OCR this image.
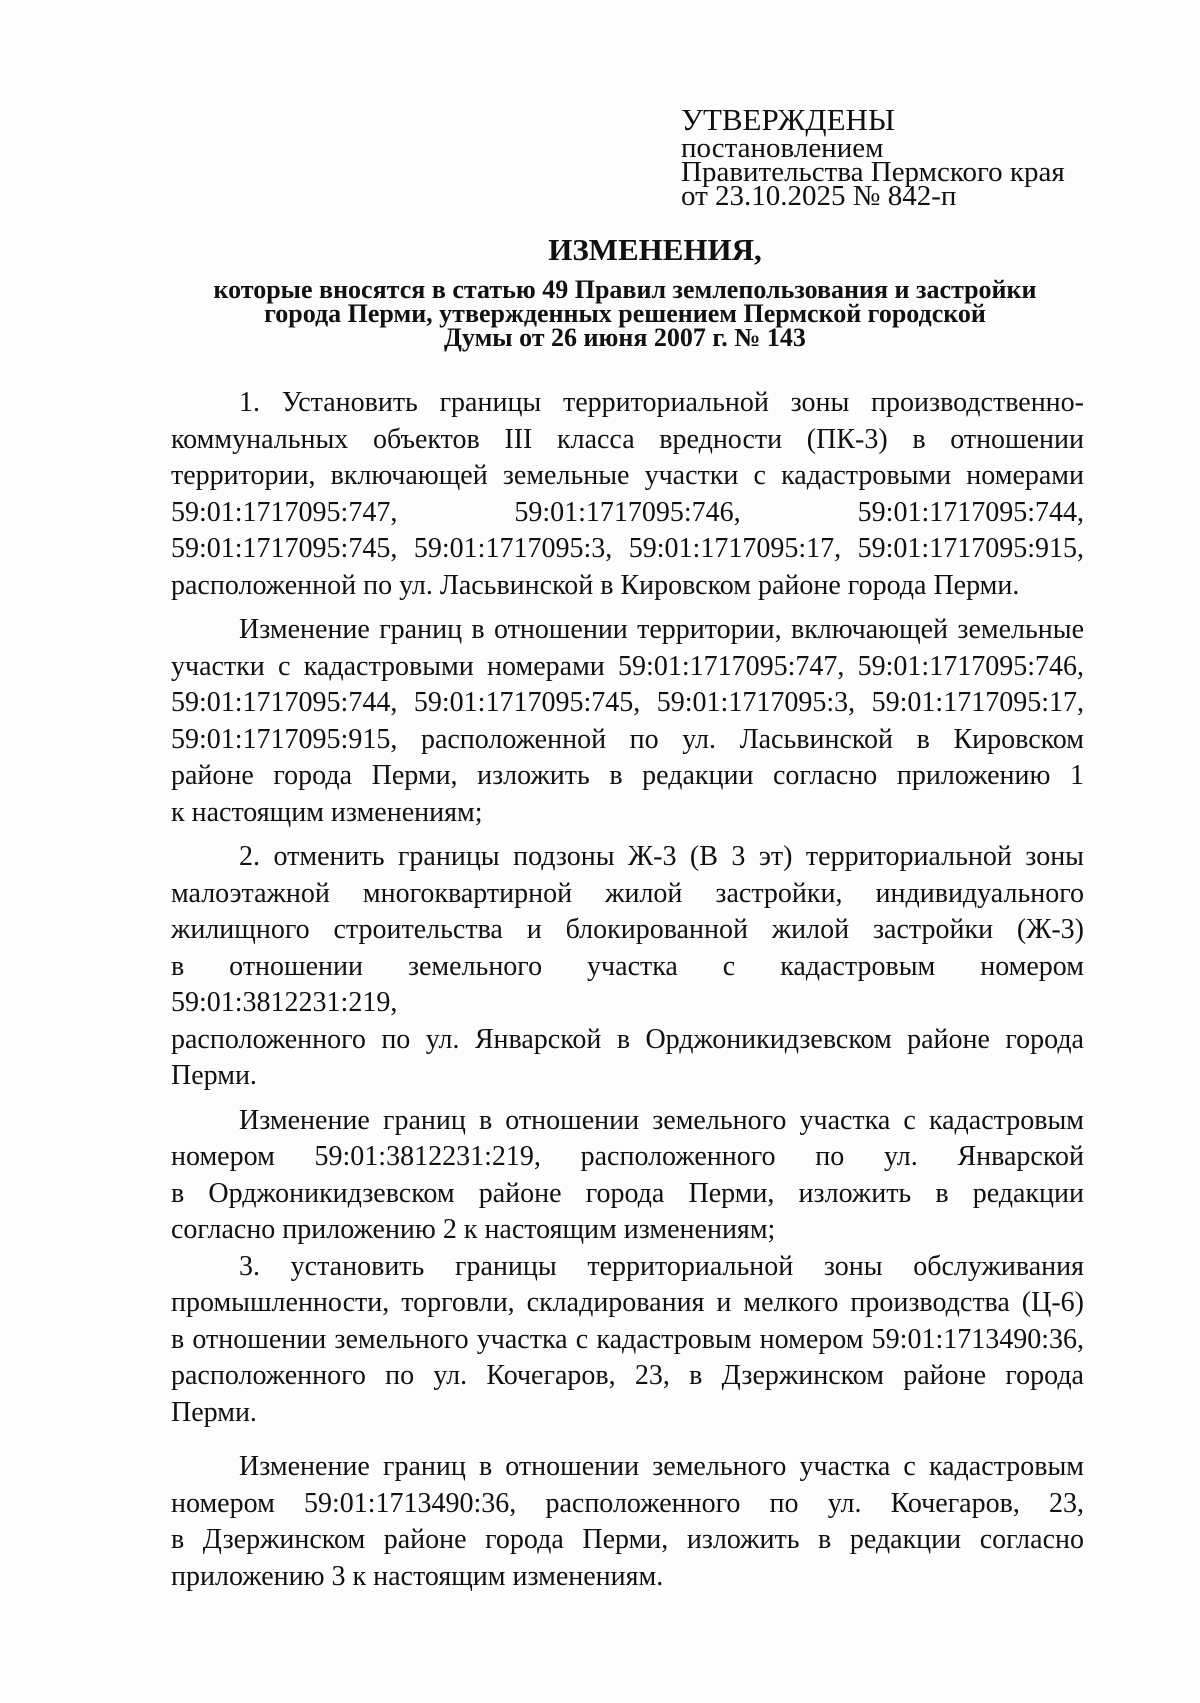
УТВЕРЖДЕНЫ
постановлением
Правительства Пермского края
от 23.10.2025 № 842-п
ИЗМЕНЕНИЯ,
которые вносятся в статью 49 Правил землепользования и застройки
города Перми, утвержденных решением Пермской городской
Думы от 26 июня 2007 г. № 143
1. Установить границы территориальной зоны производственно-
коммунальных объектов III класса вредности (ПК-3) в отношении
территории, включающей земельные участки с кадастровыми номерами
59:01:1717095:747, 59:01:1717095:746, 59:01:1717095:744,
59:01:1717095:745, 59:01:1717095:3, 59:01:1717095:17, 59:01:1717095:915,
расположенной по ул. Ласьвинской в Кировском районе города Перми.
Изменение границ в отношении территории, включающей земельные
участки с кадастровыми номерами 59:01:1717095:747, 59:01:1717095:746,
59:01:1717095:744, 59:01:1717095:745, 59:01:1717095:3, 59:01:1717095:17,
59:01:1717095:915, расположенной по ул. Ласьвинской в Кировском
районе города Перми, изложить в редакции согласно приложению 1
к настоящим изменениям;
2. отменить границы подзоны Ж-3 (В 3 эт) территориальной зоны
малоэтажной многоквартирной жилой застройки, индивидуального
жилищного строительства и блокированной жилой застройки (Ж-3)
в отношении земельного участка с кадастровым номером 59:01:3812231:219,
расположенного по ул. Январской в Орджоникидзевском районе города
Перми.
Изменение границ в отношении земельного участка с кадастровым
номером 59:01:3812231:219, расположенного по ул. Январской
в Орджоникидзевском районе города Перми, изложить в редакции
согласно приложению 2 к настоящим изменениям;
3. установить границы территориальной зоны обслуживания
промышленности, торговли, складирования и мелкого производства (Ц-6)
в отношении земельного участка с кадастровым номером 59:01:1713490:36,
расположенного по ул. Кочегаров, 23, в Дзержинском районе города
Перми.
Изменение границ в отношении земельного участка с кадастровым
номером 59:01:1713490:36, расположенного по ул. Кочегаров, 23,
в Дзержинском районе города Перми, изложить в редакции согласно
приложению 3 к настоящим изменениям.
